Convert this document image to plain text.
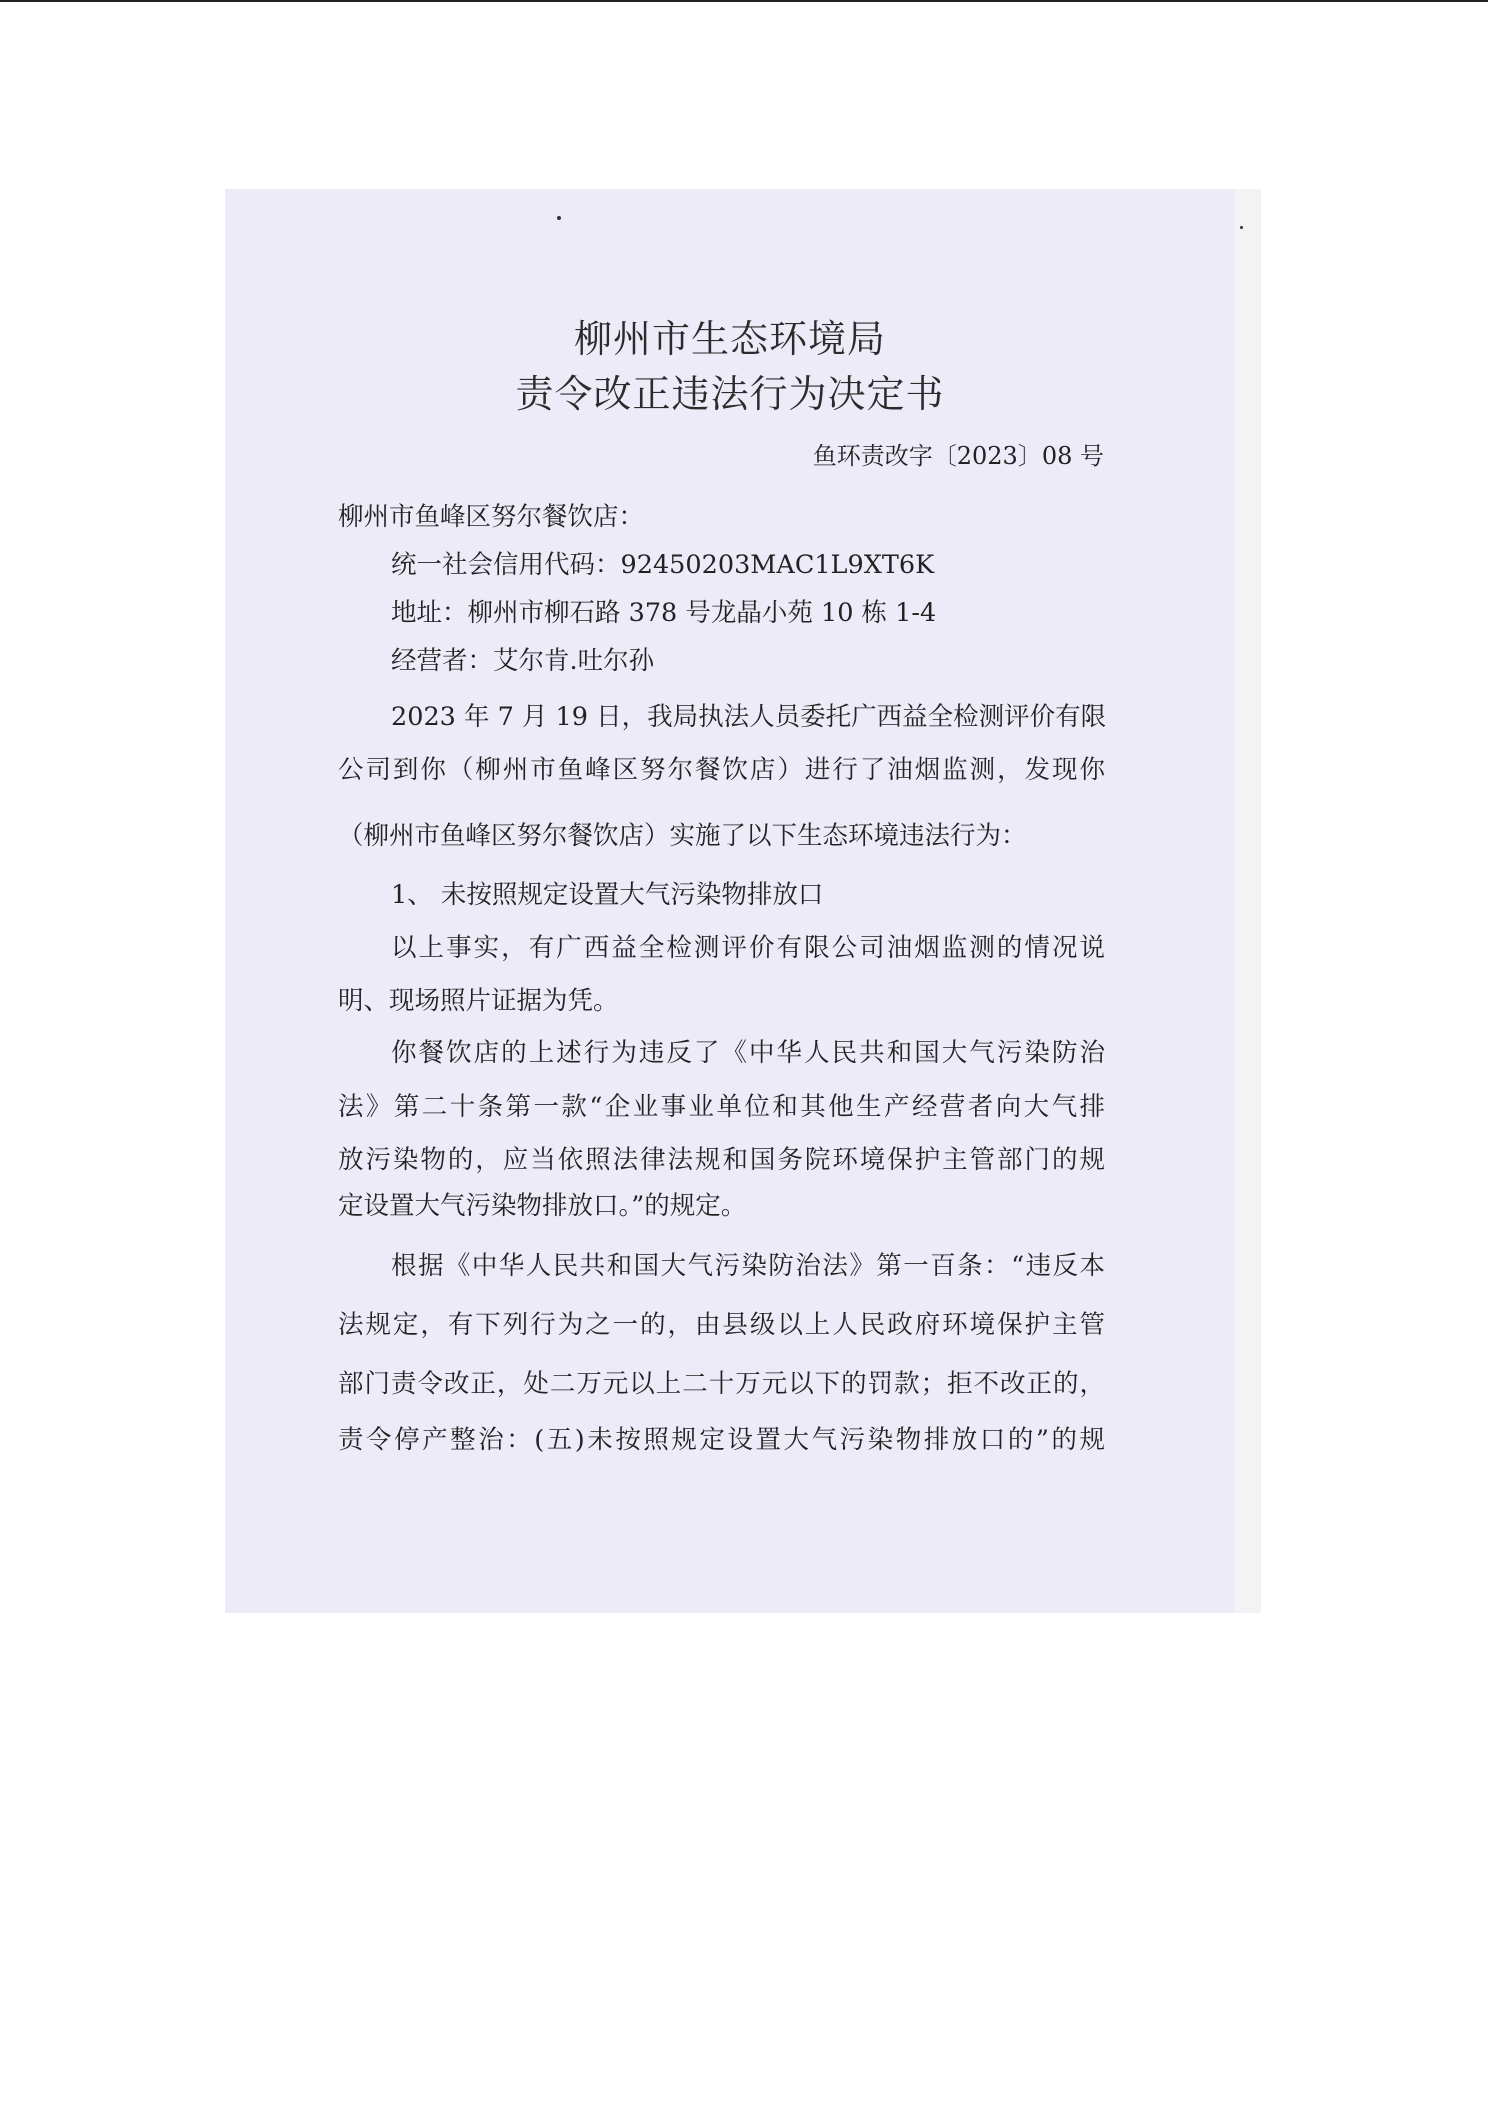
柳州市生态环境局
责令改正违法行为决定书
鱼环责改字〔2023〕08 号
柳州市鱼峰区努尔餐饮店：
统一社会信用代码：92450203MAC1L9XT6K
地址：柳州市柳石路 378 号龙晶小苑 10 栋 1-4
经营者：艾尔肯.吐尔孙
2023 年 7 月 19 日，我局执法人员委托广西益全检测评价有限
公司到你（柳州市鱼峰区努尔餐饮店）进行了油烟监测，发现你
（柳州市鱼峰区努尔餐饮店）实施了以下生态环境违法行为：
1、 未按照规定设置大气污染物排放口
以上事实，有广西益全检测评价有限公司油烟监测的情况说
明、现场照片证据为凭。
你餐饮店的上述行为违反了《中华人民共和国大气污染防治
法》第二十条第一款“企业事业单位和其他生产经营者向大气排
放污染物的，应当依照法律法规和国务院环境保护主管部门的规
定设置大气污染物排放口。”的规定。
根据《中华人民共和国大气污染防治法》第一百条：“违反本
法规定，有下列行为之一的，由县级以上人民政府环境保护主管
部门责令改正，处二万元以上二十万元以下的罚款；拒不改正的，
责令停产整治：(五)未按照规定设置大气污染物排放口的”的规
